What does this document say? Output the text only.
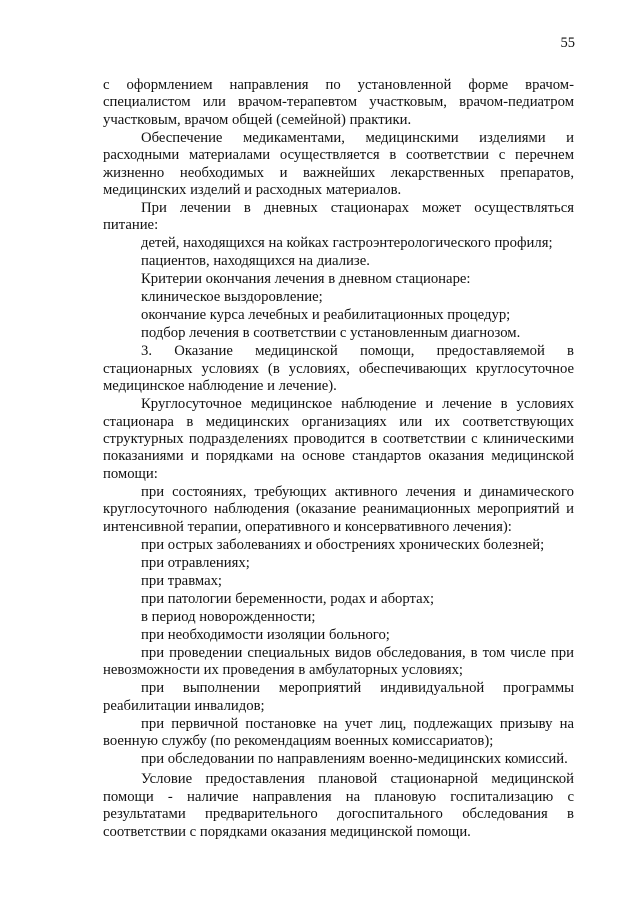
55

с оформлением направления по установленной форме врачом-специалистом или врачом-терапевтом участковым, врачом-педиатром участковым, врачом общей (семейной) практики.

Обеспечение медикаментами, медицинскими изделиями и расходными материалами осуществляется в соответствии с перечнем жизненно необходимых и важнейших лекарственных препаратов, медицинских изделий и расходных материалов.

При лечении в дневных стационарах может осуществляться питание:

детей, находящихся на койках гастроэнтерологического профиля;

пациентов, находящихся на диализе.

Критерии окончания лечения в дневном стационаре:

клиническое выздоровление;

окончание курса лечебных и реабилитационных процедур;

подбор лечения в соответствии с установленным диагнозом.

3. Оказание медицинской помощи, предоставляемой в стационарных условиях (в условиях, обеспечивающих круглосуточное медицинское наблюдение и лечение).

Круглосуточное медицинское наблюдение и лечение в условиях стационара в медицинских организациях или их соответствующих структурных подразделениях проводится в соответствии с клиническими показаниями и порядками на основе стандартов оказания медицинской помощи:

при состояниях, требующих активного лечения и динамического круглосуточного наблюдения (оказание реанимационных мероприятий и интенсивной терапии, оперативного и консервативного лечения):

при острых заболеваниях и обострениях хронических болезней;

при отравлениях;

при травмах;

при патологии беременности, родах и абортах;

в период новорожденности;

при необходимости изоляции больного;

при проведении специальных видов обследования, в том числе при невозможности их проведения в амбулаторных условиях;

при выполнении мероприятий индивидуальной программы реабилитации инвалидов;

при первичной постановке на учет лиц, подлежащих призыву на военную службу (по рекомендациям военных комиссариатов);

при обследовании по направлениям военно-медицинских комиссий.

Условие предоставления плановой стационарной медицинской помощи - наличие направления на плановую госпитализацию с результатами предварительного догоспитального обследования в соответствии с порядками оказания медицинской помощи.
